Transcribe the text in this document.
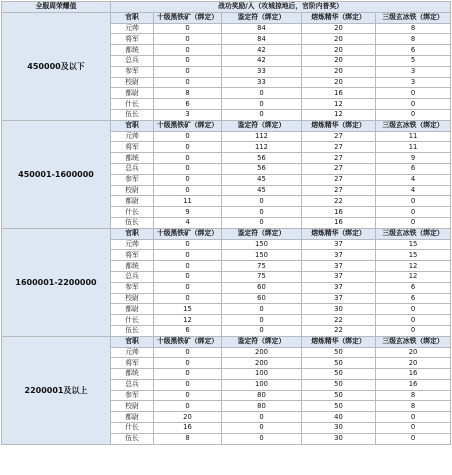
全服周荣耀值	战功奖励/人（攻城掠地后，官阶内普奖）				
450000及以下	官职	十级黑铁矿（绑定）	鉴定符（绑定）	熔炼精华（绑定）	三级玄冰铁（绑定）
	元帅	0	84	20	8
	将军	0	84	20	8
	都统	0	42	20	6
	总兵	0	42	20	5
	参军	0	33	20	3
	校尉	0	33	20	3
	都尉	8	0	16	0
	什长	6	0	12	0
	伍长	3	0	12	0
450001-1600000	官职	十级黑铁矿（绑定）	鉴定符（绑定）	熔炼精华（绑定）	三级玄冰铁（绑定）
	元帅	0	112	27	11
	将军	0	112	27	11
	都统	0	56	27	9
	总兵	0	56	27	6
	参军	0	45	27	4
	校尉	0	45	27	4
	都尉	11	0	22	0
	什长	9	0	16	0
	伍长	4	0	16	0
1600001-2200000	官职	十级黑铁矿（绑定）	鉴定符（绑定）	熔炼精华（绑定）	三级玄冰铁（绑定）
	元帅	0	150	37	15
	将军	0	150	37	15
	都统	0	75	37	12
	总兵	0	75	37	12
	参军	0	60	37	6
	校尉	0	60	37	6
	都尉	15	0	30	0
	什长	12	0	22	0
	伍长	6	0	22	0
2200001及以上	官职	十级黑铁矿（绑定）	鉴定符（绑定）	熔炼精华（绑定）	三级玄冰铁（绑定）
	元帅	0	200	50	20
	将军	0	200	50	20
	都统	0	100	50	16
	总兵	0	100	50	16
	参军	0	80	50	8
	校尉	0	80	50	8
	都尉	20	0	40	0
	什长	16	0	30	0
	伍长	8	0	30	0
